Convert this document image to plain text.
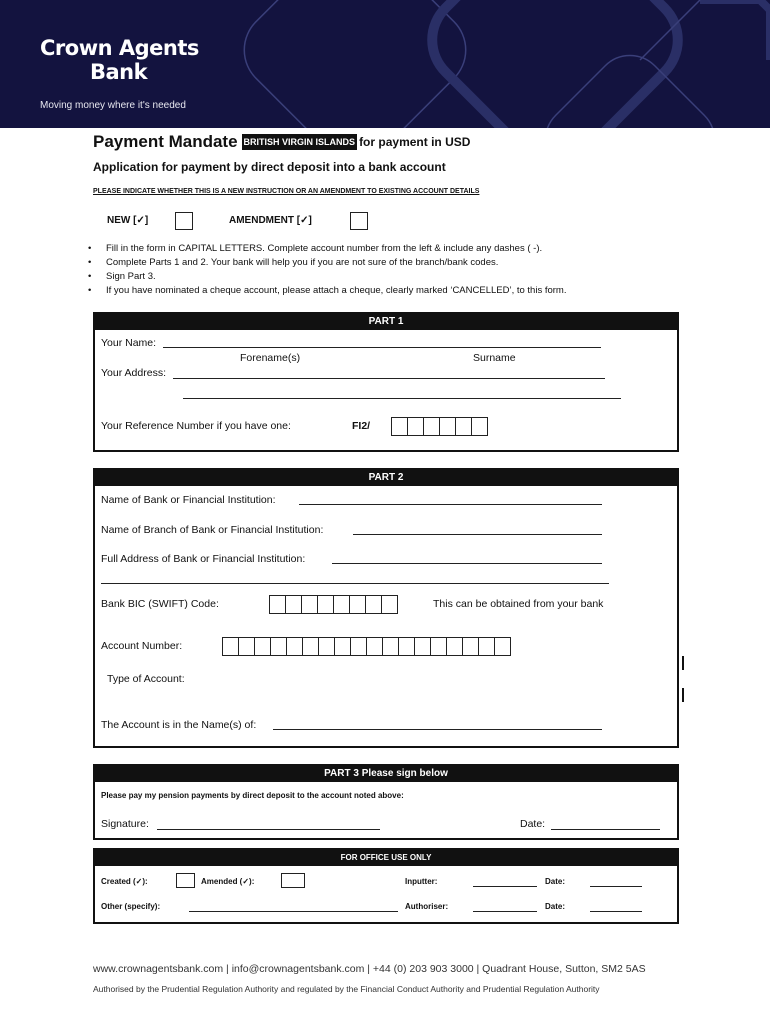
Crown Agents
Bank
Moving money where it's needed
Payment Mandate BRITISH VIRGIN ISLANDS for payment in USD
Application for payment by direct deposit into a bank account
PLEASE INDICATE WHETHER THIS IS A NEW INSTRUCTION OR AN AMENDMENT TO EXISTING ACCOUNT DETAILS
NEW [✓]	AMENDMENT [✓]
• Fill in the form in CAPITAL LETTERS. Complete account number from the left & include any dashes ( -).
• Complete Parts 1 and 2. Your bank will help you if you are not sure of the branch/bank codes.
• Sign Part 3.
• If you have nominated a cheque account, please attach a cheque, clearly marked ‘CANCELLED’, to this form.
PART 1
Your Name:
Forename(s)	Surname
Your Address:
Your Reference Number if you have one:	FI2/
PART 2
Name of Bank or Financial Institution:
Name of Branch of Bank or Financial Institution:
Full Address of Bank or Financial Institution:
Bank BIC (SWIFT) Code:	This can be obtained from your bank
Account Number:
Type of Account:
The Account is in the Name(s) of:
PART 3 Please sign below
Please pay my pension payments by direct deposit to the account noted above:
Signature:	Date:
FOR OFFICE USE ONLY
Created (✓):	Amended (✓):	Inputter:	Date:
Other (specify):	Authoriser:	Date:
www.crownagentsbank.com | info@crownagentsbank.com | +44 (0) 203 903 3000 | Quadrant House, Sutton, SM2 5AS
Authorised by the Prudential Regulation Authority and regulated by the Financial Conduct Authority and Prudential Regulation Authority
